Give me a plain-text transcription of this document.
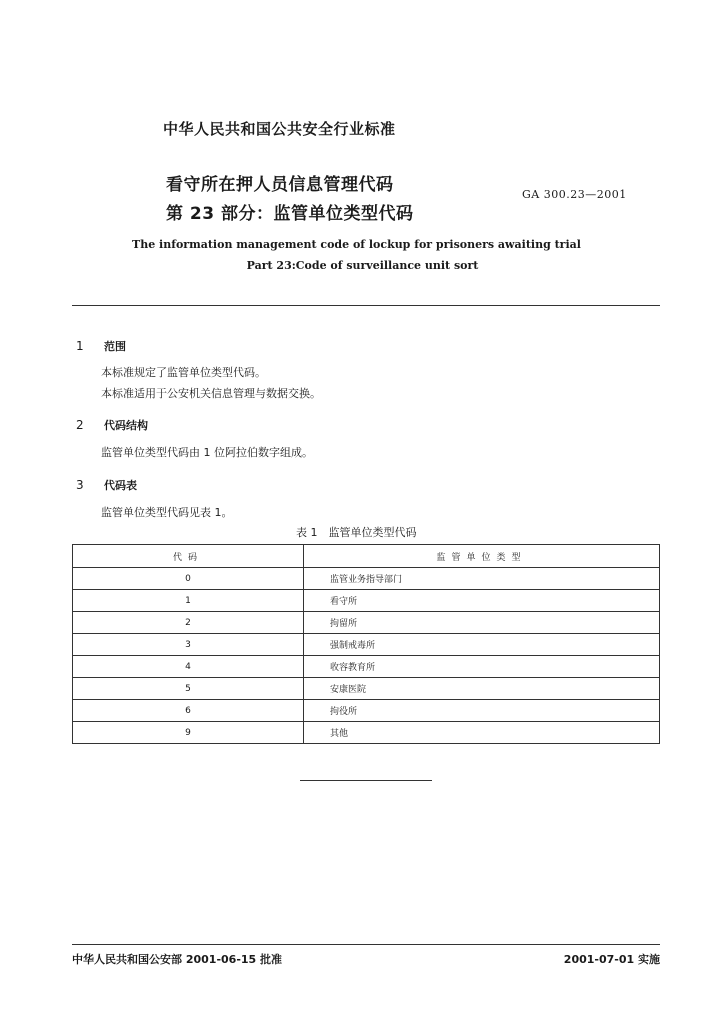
中华人民共和国公共安全行业标准
看守所在押人员信息管理代码
第 23 部分：监管单位类型代码
GA 300.23—2001
The information management code of lockup for prisoners awaiting trial
Part 23:Code of surveillance unit sort
1 范围
本标准规定了监管单位类型代码。
本标准适用于公安机关信息管理与数据交换。
2 代码结构
监管单位类型代码由 1 位阿拉伯数字组成。
3 代码表
监管单位类型代码见表 1。
表 1　监管单位类型代码
代码	监管单位类型
0	监管业务指导部门
1	看守所
2	拘留所
3	强制戒毒所
4	收容教育所
5	安康医院
6	拘役所
9	其他
中华人民共和国公安部 2001-06-15 批准	2001-07-01 实施
